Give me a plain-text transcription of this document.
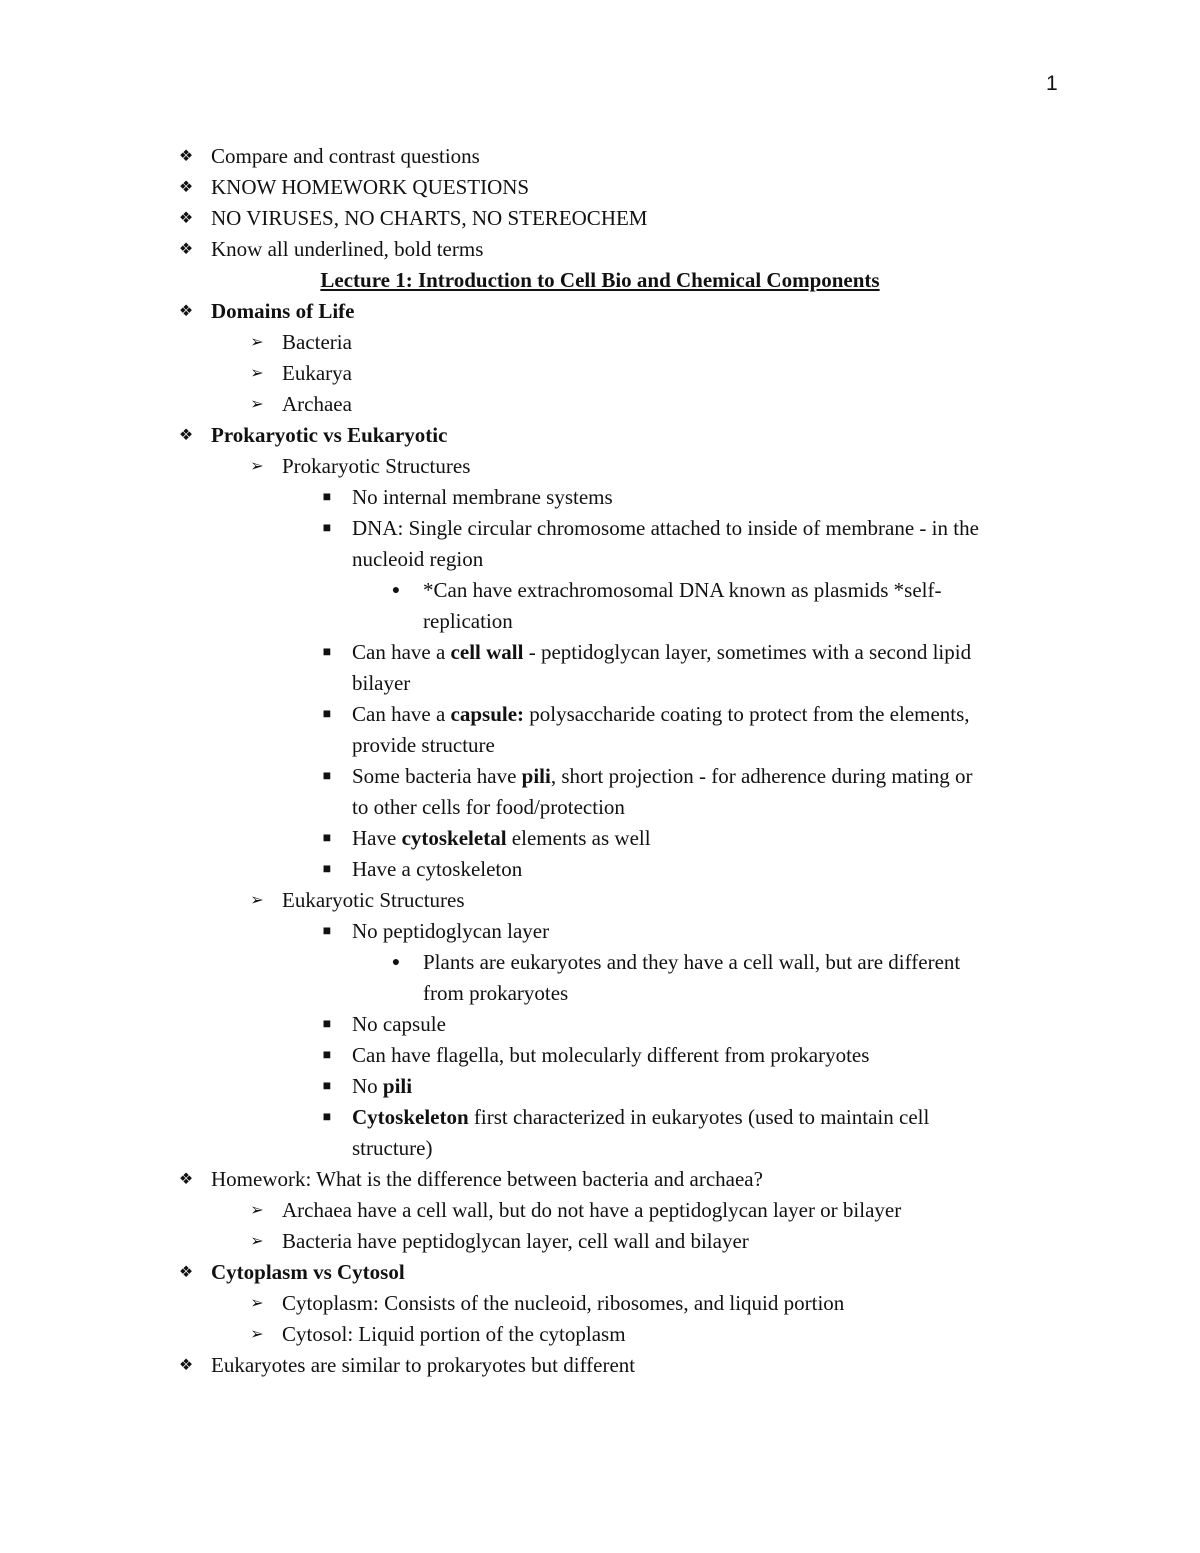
1
❖ Compare and contrast questions
❖ KNOW HOMEWORK QUESTIONS
❖ NO VIRUSES, NO CHARTS, NO STEREOCHEM
❖ Know all underlined, bold terms
Lecture 1: Introduction to Cell Bio and Chemical Components
❖ Domains of Life
➢ Bacteria
➢ Eukarya
➢ Archaea
❖ Prokaryotic vs Eukaryotic
➢ Prokaryotic Structures
■ No internal membrane systems
■ DNA: Single circular chromosome attached to inside of membrane - in the
nucleoid region
●	*Can have extrachromosomal DNA known as plasmids *self-
replication
■ Can have a cell wall - peptidoglycan layer, sometimes with a second lipid
bilayer
■ Can have a capsule: polysaccharide coating to protect from the elements,
provide structure
■ Some bacteria have pili, short projection - for adherence during mating or
to other cells for food/protection
■ Have cytoskeletal elements as well
■ Have a cytoskeleton
➢ Eukaryotic Structures
■ No peptidoglycan layer
●	Plants are eukaryotes and they have a cell wall, but are different
from prokaryotes
■ No capsule
■ Can have flagella, but molecularly different from prokaryotes
■ No pili
■ Cytoskeleton first characterized in eukaryotes (used to maintain cell
structure)
❖ Homework: What is the difference between bacteria and archaea?
➢ Archaea have a cell wall, but do not have a peptidoglycan layer or bilayer
➢ Bacteria have peptidoglycan layer, cell wall and bilayer
❖ Cytoplasm vs Cytosol
➢ Cytoplasm: Consists of the nucleoid, ribosomes, and liquid portion
➢ Cytosol: Liquid portion of the cytoplasm
❖ Eukaryotes are similar to prokaryotes but different
